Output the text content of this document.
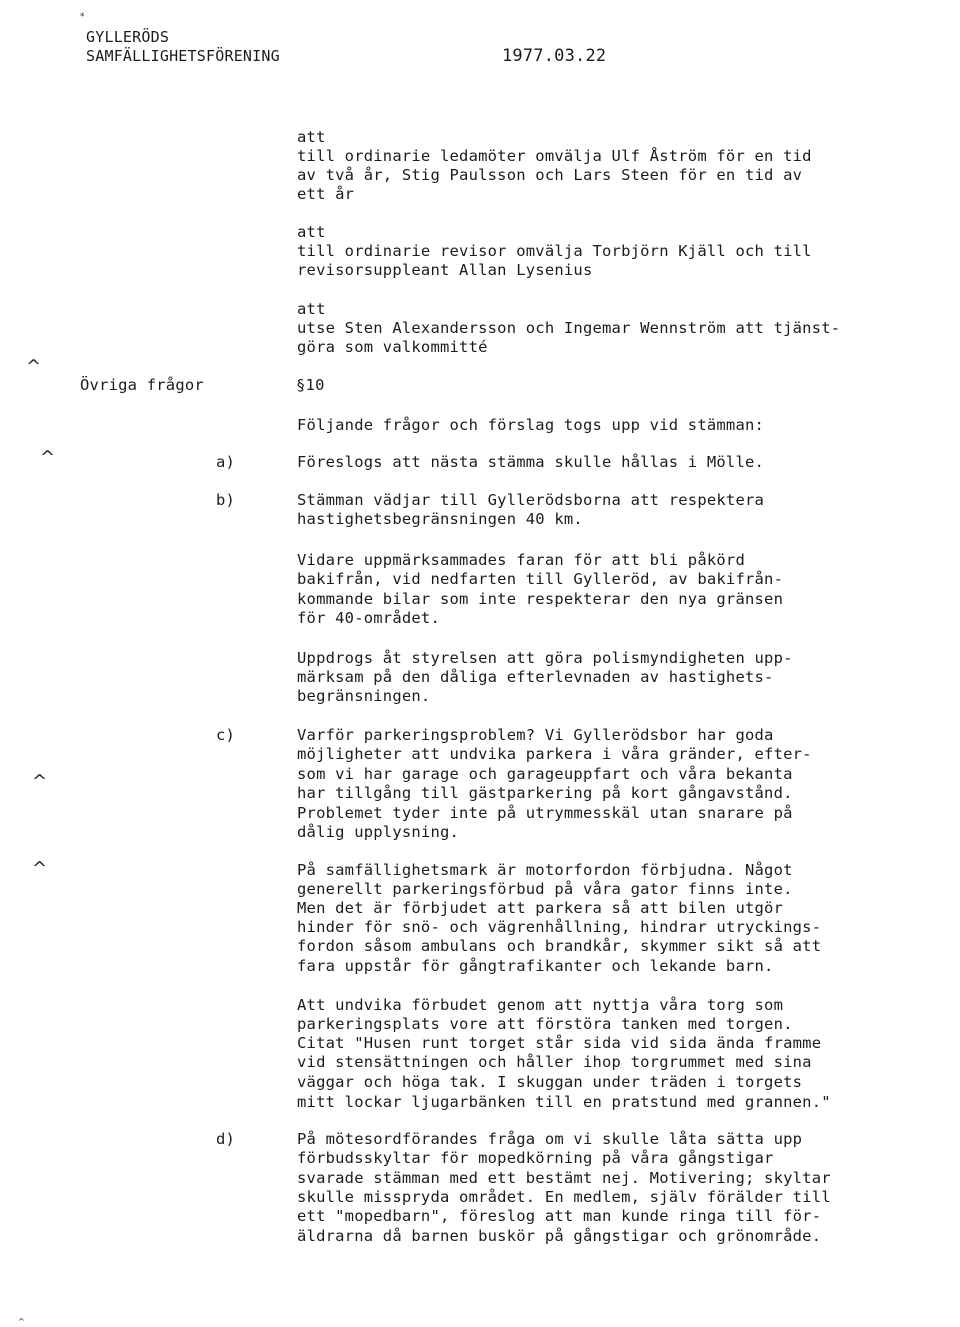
*
GYLLERÖDS
SAMFÄLLIGHETSFÖRENING	1977.03.22
att
till ordinarie ledamöter omvälja Ulf Åström för en tid
av två år, Stig Paulsson och Lars Steen för en tid av
ett år
att
till ordinarie revisor omvälja Torbjörn Kjäll och till
revisorsuppleant Allan Lysenius
att
utse Sten Alexandersson och Ingemar Wennström att tjänst-
göra som valkommitté
^
Övriga frågor	§10
Följande frågor och förslag togs upp vid stämman:
^	a)	Föreslogs att nästa stämma skulle hållas i Mölle.
b)	Stämman vädjar till Gyllerödsborna att respektera
hastighetsbegränsningen 40 km.
Vidare uppmärksammades faran för att bli påkörd
bakifrån, vid nedfarten till Gylleröd, av bakifrån-
kommande bilar som inte respekterar den nya gränsen
för 40-området.
Uppdrogs åt styrelsen att göra polismyndigheten upp-
märksam på den dåliga efterlevnaden av hastighets-
begränsningen.
c)	Varför parkeringsproblem? Vi Gyllerödsbor har goda
möjligheter att undvika parkera i våra gränder, efter-
som vi har garage och garageuppfart och våra bekanta
har tillgång till gästparkering på kort gångavstånd.
Problemet tyder inte på utrymmesskäl utan snarare på
dålig upplysning.
^
^	På samfällighetsmark är motorfordon förbjudna. Något
generellt parkeringsförbud på våra gator finns inte.
Men det är förbjudet att parkera så att bilen utgör
hinder för snö- och vägrenhållning, hindrar utryckings-
fordon såsom ambulans och brandkår, skymmer sikt så att
fara uppstår för gångtrafikanter och lekande barn.
Att undvika förbudet genom att nyttja våra torg som
parkeringsplats vore att förstöra tanken med torgen.
Citat "Husen runt torget står sida vid sida ända framme
vid stensättningen och håller ihop torgrummet med sina
väggar och höga tak. I skuggan under träden i torgets
mitt lockar ljugarbänken till en pratstund med grannen."
d)	På mötesordförandes fråga om vi skulle låta sätta upp
förbudsskyltar för mopedkörning på våra gångstigar
svarade stämman med ett bestämt nej. Motivering; skyltar
skulle misspryda området. En medlem, själv förälder till
ett "mopedbarn", föreslog att man kunde ringa till för-
äldrarna då barnen buskör på gångstigar och grönområde.
^
